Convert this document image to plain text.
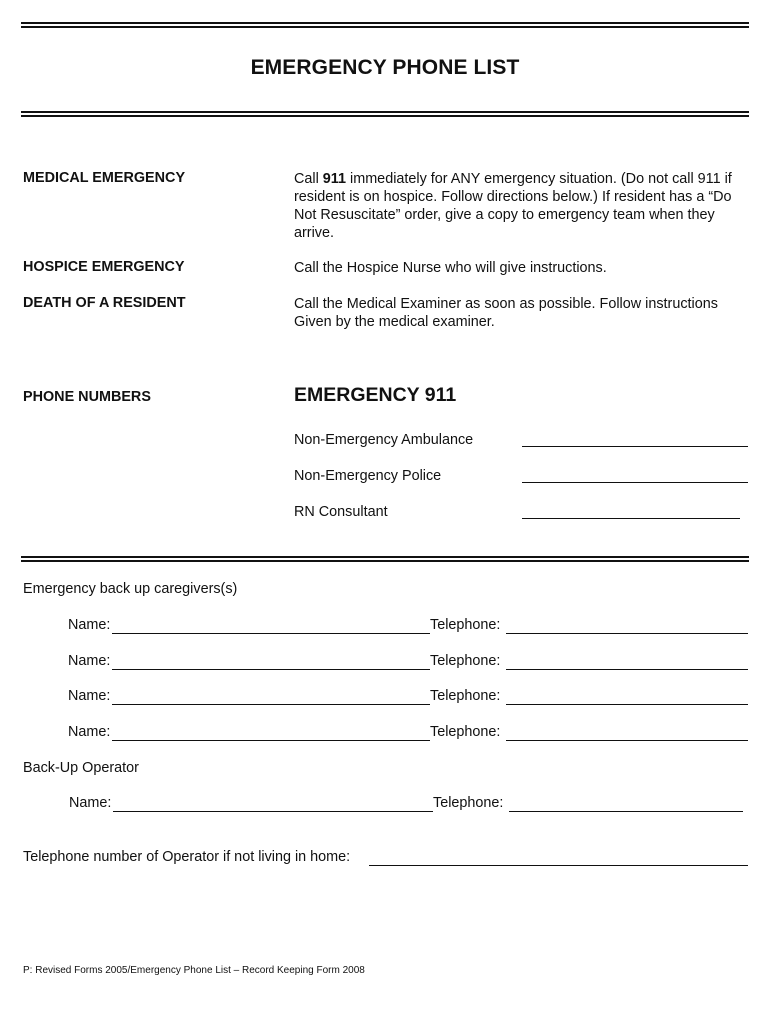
EMERGENCY PHONE LIST
MEDICAL EMERGENCY	Call 911 immediately for ANY emergency situation. (Do not call 911 if resident is on hospice. Follow directions below.) If resident has a “Do Not Resuscitate” order, give a copy to emergency team when they arrive.
HOSPICE EMERGENCY	Call the Hospice Nurse who will give instructions.
DEATH OF A RESIDENT	Call the Medical Examiner as soon as possible. Follow instructions Given by the medical examiner.
PHONE NUMBERS	EMERGENCY 911
Non-Emergency Ambulance
Non-Emergency Police
RN Consultant
Emergency back up caregivers(s)
Name:	Telephone:
Name:	Telephone:
Name:	Telephone:
Name:	Telephone:
Back-Up Operator
Name:	Telephone:
Telephone number of Operator if not living in home:
P: Revised Forms 2005/Emergency Phone List – Record Keeping Form 2008
